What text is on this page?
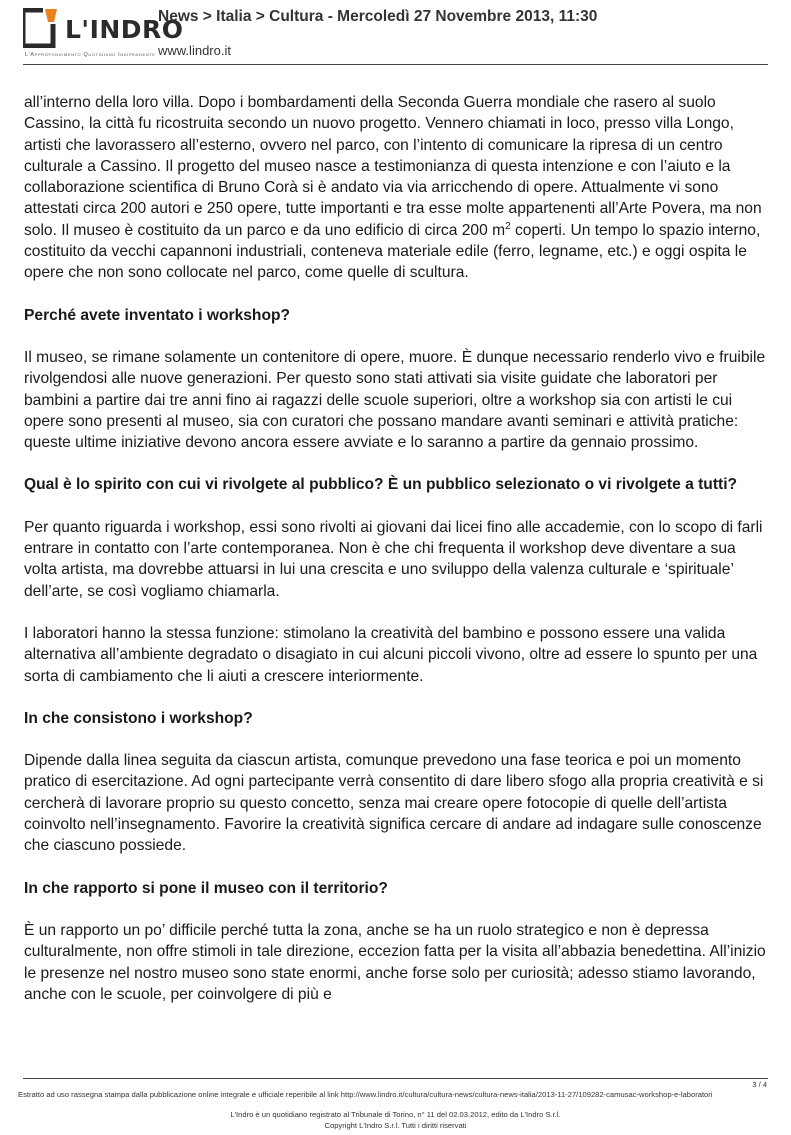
L'INDRO
L'Approfondimento Quotidiano Indipendente
News > Italia > Cultura - Mercoledì 27 Novembre 2013, 11:30
www.lindro.it

all’interno della loro villa. Dopo i bombardamenti della Seconda Guerra mondiale che rasero al suolo Cassino, la città fu ricostruita secondo un nuovo progetto. Vennero chiamati in loco, presso villa Longo, artisti che lavorassero all’esterno, ovvero nel parco, con l’intento di comunicare la ripresa di un centro culturale a Cassino. Il progetto del museo nasce a testimonianza di questa intenzione e con l’aiuto e la collaborazione scientifica di Bruno Corà si è andato via via arricchendo di opere. Attualmente vi sono attestati circa 200 autori e 250 opere, tutte importanti e tra esse molte appartenenti all’Arte Povera, ma non solo. Il museo è costituito da un parco e da uno edificio di circa 200 $m^2$ coperti. Un tempo lo spazio interno, costituito da vecchi capannoni industriali, conteneva materiale edile (ferro, legname, etc.) e oggi ospita le opere che non sono collocate nel parco, come quelle di scultura.

Perché avete inventato i workshop?

Il museo, se rimane solamente un contenitore di opere, muore. È dunque necessario renderlo vivo e fruibile rivolgendosi alle nuove generazioni. Per questo sono stati attivati sia visite guidate che laboratori per bambini a partire dai tre anni fino ai ragazzi delle scuole superiori, oltre a workshop sia con artisti le cui opere sono presenti al museo, sia con curatori che possano mandare avanti seminari e attività pratiche: queste ultime iniziative devono ancora essere avviate e lo saranno a partire da gennaio prossimo.

Qual è lo spirito con cui vi rivolgete al pubblico? È un pubblico selezionato o vi rivolgete a tutti?

Per quanto riguarda i workshop, essi sono rivolti ai giovani dai licei fino alle accademie, con lo scopo di farli entrare in contatto con l’arte contemporanea. Non è che chi frequenta il workshop deve diventare a sua volta artista, ma dovrebbe attuarsi in lui una crescita e uno sviluppo della valenza culturale e ‘spirituale’ dell’arte, se così vogliamo chiamarla.

I laboratori hanno la stessa funzione: stimolano la creatività del bambino e possono essere una valida alternativa all’ambiente degradato o disagiato in cui alcuni piccoli vivono, oltre ad essere lo spunto per una sorta di cambiamento che li aiuti a crescere interiormente.

In che consistono i workshop?

Dipende dalla linea seguita da ciascun artista, comunque prevedono una fase teorica e poi un momento pratico di esercitazione. Ad ogni partecipante verrà consentito di dare libero sfogo alla propria creatività e si cercherà di lavorare proprio su questo concetto, senza mai creare opere fotocopie di quelle dell’artista coinvolto nell’insegnamento. Favorire la creatività significa cercare di andare ad indagare sulle conoscenze che ciascuno possiede.

In che rapporto si pone il museo con il territorio?

È un rapporto un po’ difficile perché tutta la zona, anche se ha un ruolo strategico e non è depressa culturalmente, non offre stimoli in tale direzione, eccezion fatta per la visita all’abbazia benedettina. All’inizio le presenze nel nostro museo sono state enormi, anche forse solo per curiosità; adesso stiamo lavorando, anche con le scuole, per coinvolgere di più e

3 / 4
Estratto ad uso rassegna stampa dalla pubblicazione online integrale e ufficiale reperibile al link http://www.lindro.it/cultura/cultura-news/cultura-news-italia/2013-11-27/109282-camusac-workshop-e-laboratori
L'Indro è un quotidiano registrato al Tribunale di Torino, n° 11 del 02.03.2012, edito da L'Indro S.r.l.
Copyright L'Indro S.r.l. Tutti i diritti riservati
